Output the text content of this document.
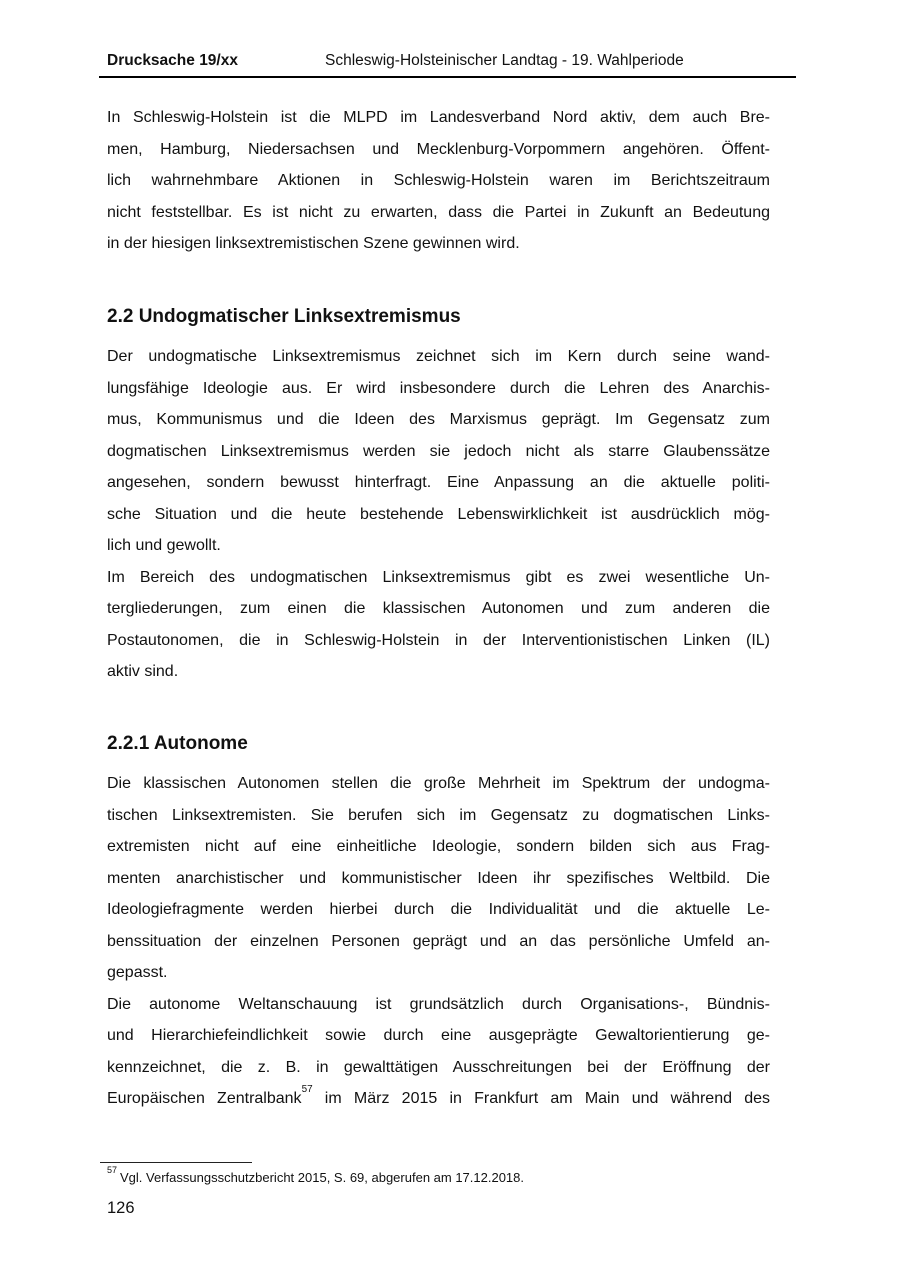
Drucksache 19/xx	Schleswig-Holsteinischer Landtag - 19. Wahlperiode
In Schleswig-Holstein ist die MLPD im Landesverband Nord aktiv, dem auch Bre-
men, Hamburg, Niedersachsen und Mecklenburg-Vorpommern angehören. Öffent-
lich wahrnehmbare Aktionen in Schleswig-Holstein waren im Berichtszeitraum
nicht feststellbar. Es ist nicht zu erwarten, dass die Partei in Zukunft an Bedeutung
in der hiesigen linksextremistischen Szene gewinnen wird.
2.2 Undogmatischer Linksextremismus
Der undogmatische Linksextremismus zeichnet sich im Kern durch seine wand-
lungsfähige Ideologie aus. Er wird insbesondere durch die Lehren des Anarchis-
mus, Kommunismus und die Ideen des Marxismus geprägt. Im Gegensatz zum
dogmatischen Linksextremismus werden sie jedoch nicht als starre Glaubenssätze
angesehen, sondern bewusst hinterfragt. Eine Anpassung an die aktuelle politi-
sche Situation und die heute bestehende Lebenswirklichkeit ist ausdrücklich mög-
lich und gewollt.
Im Bereich des undogmatischen Linksextremismus gibt es zwei wesentliche Un-
tergliederungen, zum einen die klassischen Autonomen und zum anderen die
Postautonomen, die in Schleswig-Holstein in der Interventionistischen Linken (IL)
aktiv sind.
2.2.1 Autonome
Die klassischen Autonomen stellen die große Mehrheit im Spektrum der undogma-
tischen Linksextremisten. Sie berufen sich im Gegensatz zu dogmatischen Links-
extremisten nicht auf eine einheitliche Ideologie, sondern bilden sich aus Frag-
menten anarchistischer und kommunistischer Ideen ihr spezifisches Weltbild. Die
Ideologiefragmente werden hierbei durch die Individualität und die aktuelle Le-
benssituation der einzelnen Personen geprägt und an das persönliche Umfeld an-
gepasst.
Die autonome Weltanschauung ist grundsätzlich durch Organisations-, Bündnis-
und Hierarchiefeindlichkeit sowie durch eine ausgeprägte Gewaltorientierung ge-
kennzeichnet, die z. B. in gewalttätigen Ausschreitungen bei der Eröffnung der
Europäischen Zentralbank$^{57}$ im März 2015 in Frankfurt am Main und während des
$^{57}$Vgl. Verfassungsschutzbericht 2015, S. 69, abgerufen am 17.12.2018.
126
